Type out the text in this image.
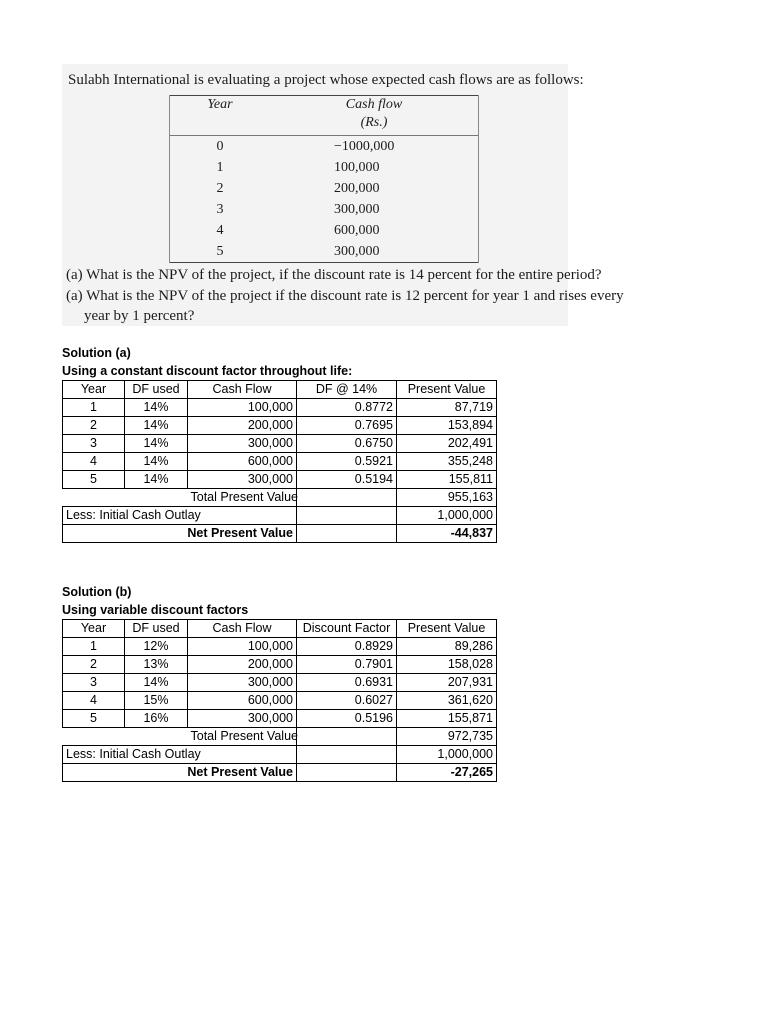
Sulabh International is evaluating a project whose expected cash flows are as follows:
Year	Cash flow
(Rs.)

0	−1000,000
1	100,000
2	200,000
3	300,000
4	600,000
5	300,000
(a) What is the NPV of the project, if the discount rate is 14 percent for the entire period?
(a) What is the NPV of the project if the discount rate is 12 percent for year 1 and rises every
year by 1 percent?
Solution (a)
Using a constant discount factor throughout life:
Year	DF used	Cash Flow	DF @ 14%	Present Value
1	14%	100,000	0.8772	87,719
2	14%	200,000	0.7695	153,894
3	14%	300,000	0.6750	202,491
4	14%	600,000	0.5921	355,248
5	14%	300,000	0.5194	155,811
		Total Present Value		955,163
Less: Initial Cash Outlay				1,000,000
Net Present Value				-44,837
Solution (b)
Using variable discount factors
Year	DF used	Cash Flow	Discount Factor	Present Value
1	12%	100,000	0.8929	89,286
2	13%	200,000	0.7901	158,028
3	14%	300,000	0.6931	207,931
4	15%	600,000	0.6027	361,620
5	16%	300,000	0.5196	155,871
		Total Present Value		972,735
Less: Initial Cash Outlay				1,000,000
Net Present Value				-27,265
